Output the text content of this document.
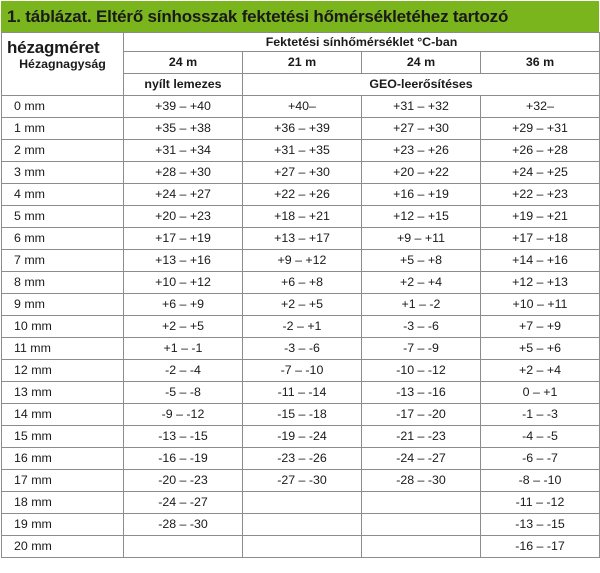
1. táblázat. Eltérő sínhosszak fektetési hőmérsékletéhez tartozó hézagméret
Hézagnagyság	Fektetési sínhőmérséklet °C-ban			
	24 m	21 m	24 m	36 m
	nyílt lemezes	GEO-leerősítéses		
0 mm	+39 – +40	+40–	+31 – +32	+32–
1 mm	+35 – +38	+36 – +39	+27 – +30	+29 – +31
2 mm	+31 – +34	+31 – +35	+23 – +26	+26 – +28
3 mm	+28 – +30	+27 – +30	+20 – +22	+24 – +25
4 mm	+24 – +27	+22 – +26	+16 – +19	+22 – +23
5 mm	+20 – +23	+18 – +21	+12 – +15	+19 – +21
6 mm	+17 – +19	+13 – +17	+9 – +11	+17 – +18
7 mm	+13 – +16	+9 – +12	+5 – +8	+14 – +16
8 mm	+10 – +12	+6 – +8	+2 – +4	+12 – +13
9 mm	+6 – +9	+2 – +5	+1 – -2	+10 – +11
10 mm	+2 – +5	-2 – +1	-3 – -6	+7 – +9
11 mm	+1 – -1	-3 – -6	-7 – -9	+5 – +6
12 mm	-2 – -4	-7 – -10	-10 – -12	+2 – +4
13 mm	-5 – -8	-11 – -14	-13 – -16	0 – +1
14 mm	-9 – -12	-15 – -18	-17 – -20	-1 – -3
15 mm	-13 – -15	-19 – -24	-21 – -23	-4 – -5
16 mm	-16 – -19	-23 – -26	-24 – -27	-6 – -7
17 mm	-20 – -23	-27 – -30	-28 – -30	-8 – -10
18 mm	-24 – -27			-11 – -12
19 mm	-28 – -30			-13 – -15
20 mm				-16 – -17
